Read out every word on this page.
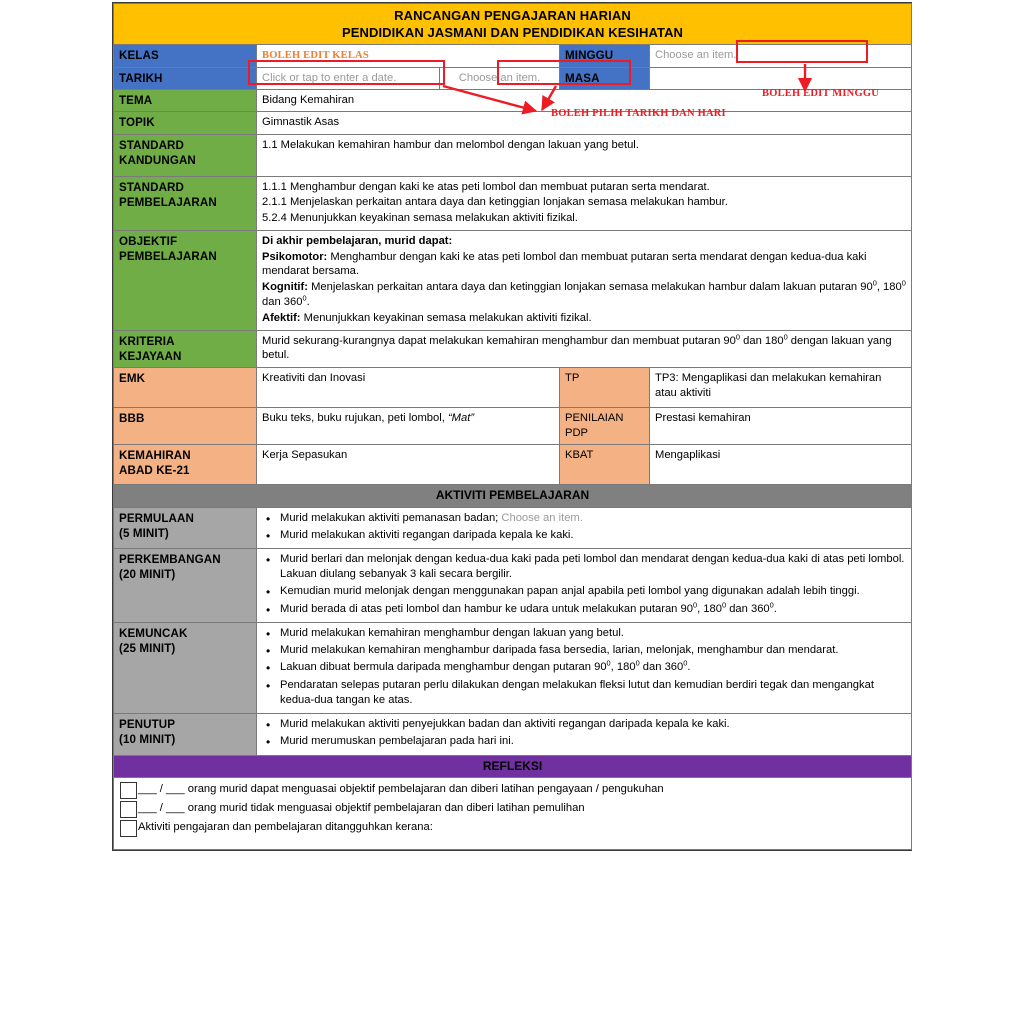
RANCANGAN PENGAJARAN HARIAN
PENDIDIKAN JASMANI DAN PENDIDIKAN KESIHATAN				

KELAS	BOLEH EDIT KELAS		MINGGU	Choose an item.
TARIKH	Click or tap to enter a date.	Choose an item.	MASA	
TEMA	Bidang Kemahiran			
TOPIK	Gimnastik Asas			

STANDARD
KANDUNGAN	1.1 Melakukan kemahiran hambur dan melombol dengan lakuan yang betul.			

STANDARD
PEMBELAJARAN

1.1.1 Menghambur dengan kaki ke atas peti lombol dan membuat putaran serta mendarat.
2.1.1 Menjelaskan perkaitan antara daya dan ketinggian lonjakan semasa melakukan hambur.
5.2.4 Menunjukkan keyakinan semasa melakukan aktiviti fizikal.

OBJEKTIF
PEMBELAJARAN

Di akhir pembelajaran, murid dapat:
Psikomotor: Menghambur dengan kaki ke atas peti lombol dan membuat putaran serta mendarat dengan kedua-dua kaki mendarat bersama.
Kognitif: Menjelaskan perkaitan antara daya dan ketinggian lonjakan semasa melakukan hambur dalam lakuan putaran $90^0$, $180^0$ dan $360^0$.
Afektif: Menunjukkan keyakinan semasa melakukan aktiviti fizikal.

KRITERIA
KEJAYAAN	Murid sekurang-kurangnya dapat melakukan kemahiran menghambur dan membuat putaran $90^0$ dan $180^0$ dengan lakuan yang betul.			
EMK	Kreativiti dan Inovasi		TP	TP3: Mengaplikasi dan melakukan kemahiran atau aktiviti
BBB	Buku teks, buku rujukan, peti lombol, “Mat”		PENILAIAN PDP	Prestasi kemahiran

KEMAHIRAN
ABAD KE-21	Kerja Sepasukan		KBAT	Mengaplikasi
AKTIVITI PEMBELAJARAN				

PERMULAAN
(5 MINIT)

• Murid melakukan aktiviti pemanasan badan; Choose an item.
• Murid melakukan aktiviti regangan daripada kepala ke kaki.

PERKEMBANGAN
(20 MINIT)

• Murid berlari dan melonjak dengan kedua-dua kaki pada peti lombol dan mendarat dengan kedua-dua kaki di atas peti lombol. Lakuan diulang sebanyak 3 kali secara bergilir.
• Kemudian murid melonjak dengan menggunakan papan anjal apabila peti lombol yang digunakan adalah lebih tinggi.
• Murid berada di atas peti lombol dan hambur ke udara untuk melakukan putaran $90^0$, $180^0$ dan $360^0$.

KEMUNCAK
(25 MINIT)

• Murid melakukan kemahiran menghambur dengan lakuan yang betul.
• Murid melakukan kemahiran menghambur daripada fasa bersedia, larian, melonjak, menghambur dan mendarat.
• Lakuan dibuat bermula daripada menghambur dengan putaran $90^0$, $180^0$ dan $360^0$.
• Pendaratan selepas putaran perlu dilakukan dengan melakukan fleksi lutut dan kemudian berdiri tegak dan mengangkat kedua-dua tangan ke atas.

PENUTUP
(10 MINIT)

• Murid melakukan aktiviti penyejukkan badan dan aktiviti regangan daripada kepala ke kaki.
• Murid merumuskan pembelajaran pada hari ini.

REFLEKSI				

___ / ___ orang murid dapat menguasai objektif pembelajaran dan diberi latihan pengayaan / pengukuhan
___ / ___ orang murid tidak menguasai objektif pembelajaran dan diberi latihan pemulihan
Aktiviti pengajaran dan pembelajaran ditangguhkan kerana:				
BOLEH PILIH TARIKH DAN HARI
BOLEH EDIT MINGGU
